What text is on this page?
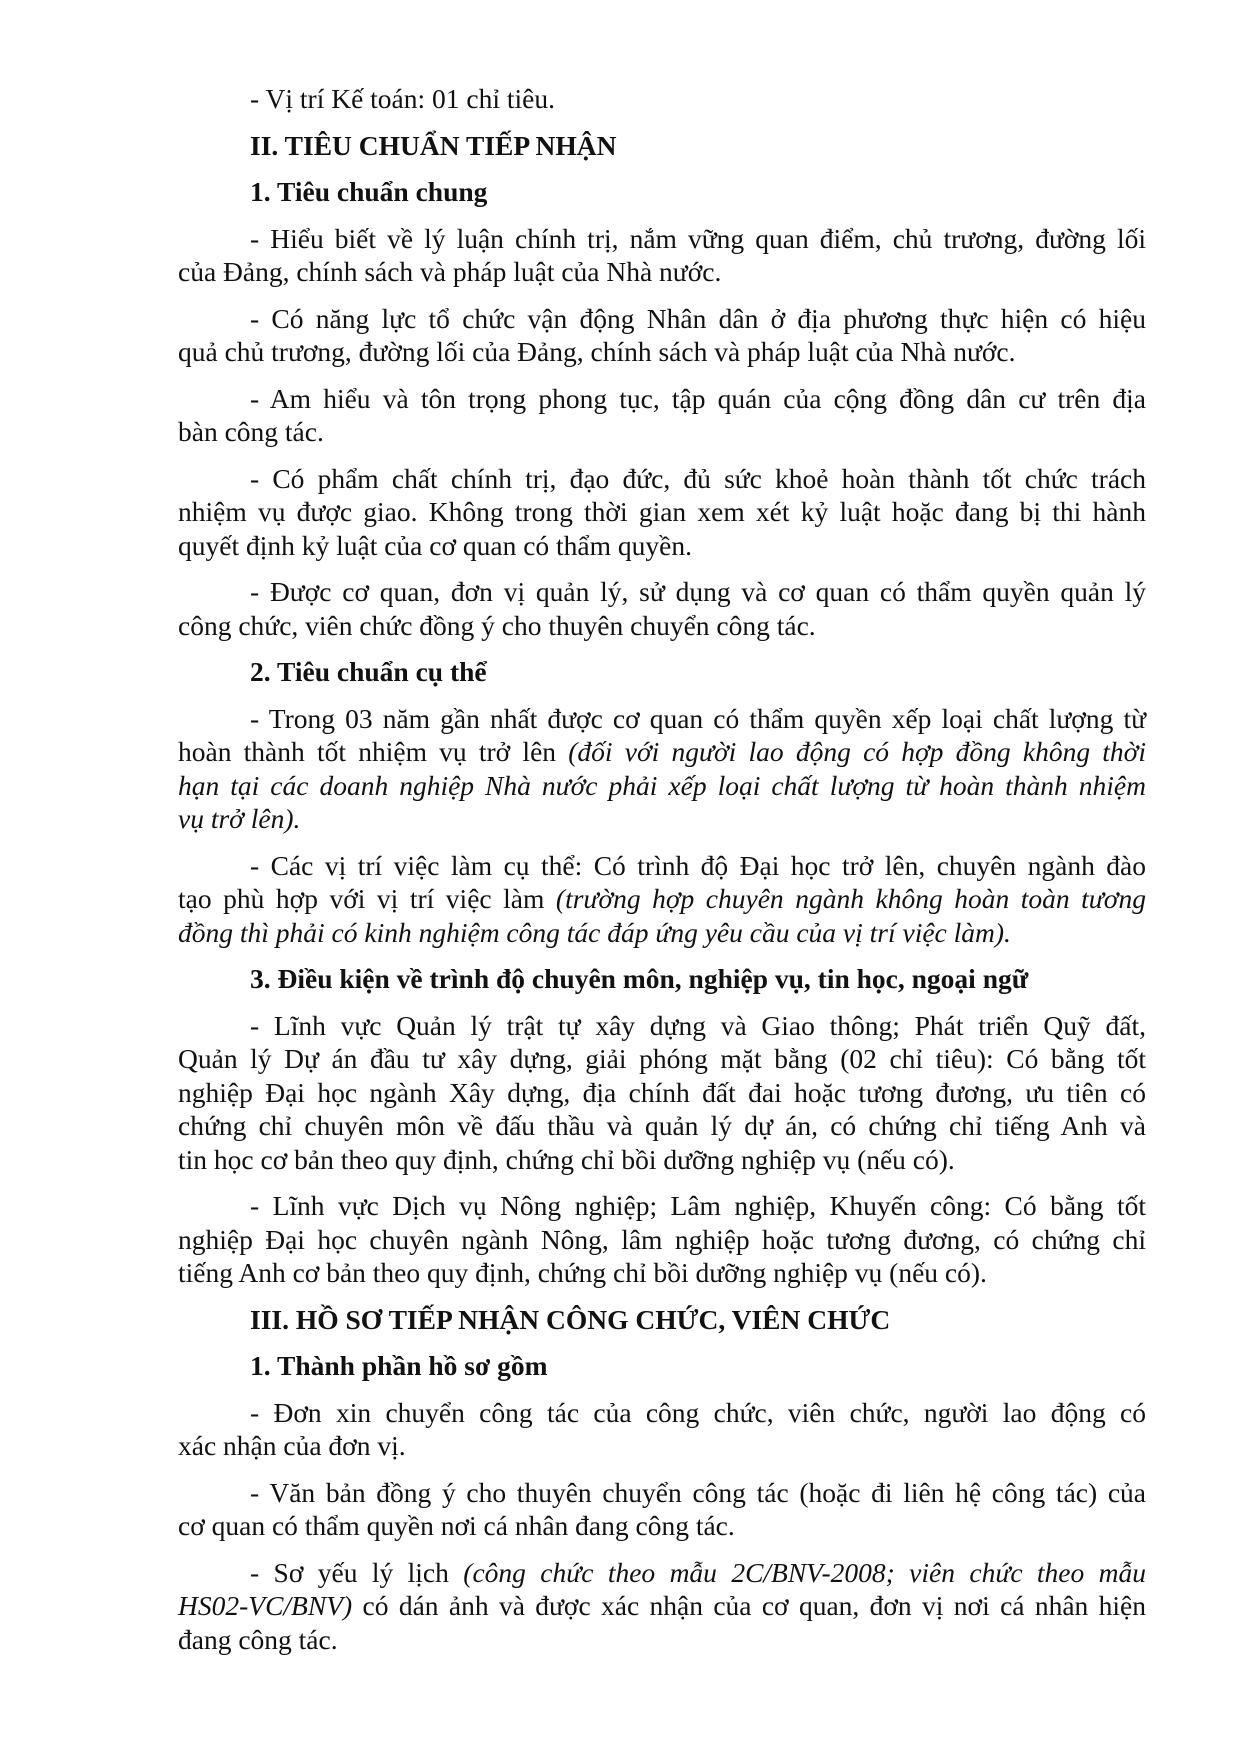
- Vị trí Kế toán: 01 chỉ tiêu.
II. TIÊU CHUẨN TIẾP NHẬN
1. Tiêu chuẩn chung
- Hiểu biết về lý luận chính trị, nắm vững quan điểm, chủ trương, đường lối
của Đảng, chính sách và pháp luật của Nhà nước.
- Có năng lực tổ chức vận động Nhân dân ở địa phương thực hiện có hiệu
quả chủ trương, đường lối của Đảng, chính sách và pháp luật của Nhà nước.
- Am hiểu và tôn trọng phong tục, tập quán của cộng đồng dân cư trên địa
bàn công tác.
- Có phẩm chất chính trị, đạo đức, đủ sức khoẻ hoàn thành tốt chức trách
nhiệm vụ được giao. Không trong thời gian xem xét kỷ luật hoặc đang bị thi hành
quyết định kỷ luật của cơ quan có thẩm quyền.
- Được cơ quan, đơn vị quản lý, sử dụng và cơ quan có thẩm quyền quản lý
công chức, viên chức đồng ý cho thuyên chuyển công tác.
2. Tiêu chuẩn cụ thể
- Trong 03 năm gần nhất được cơ quan có thẩm quyền xếp loại chất lượng từ
hoàn thành tốt nhiệm vụ trở lên (đối với người lao động có hợp đồng không thời
hạn tại các doanh nghiệp Nhà nước phải xếp loại chất lượng từ hoàn thành nhiệm
vụ trở lên).
- Các vị trí việc làm cụ thể: Có trình độ Đại học trở lên, chuyên ngành đào
tạo phù hợp với vị trí việc làm (trường hợp chuyên ngành không hoàn toàn tương
đồng thì phải có kinh nghiệm công tác đáp ứng yêu cầu của vị trí việc làm).
3. Điều kiện về trình độ chuyên môn, nghiệp vụ, tin học, ngoại ngữ
- Lĩnh vực Quản lý trật tự xây dựng và Giao thông; Phát triển Quỹ đất,
Quản lý Dự án đầu tư xây dựng, giải phóng mặt bằng (02 chỉ tiêu): Có bằng tốt
nghiệp Đại học ngành Xây dựng, địa chính đất đai hoặc tương đương, ưu tiên có
chứng chỉ chuyên môn về đấu thầu và quản lý dự án, có chứng chỉ tiếng Anh và
tin học cơ bản theo quy định, chứng chỉ bồi dưỡng nghiệp vụ (nếu có).
- Lĩnh vực Dịch vụ Nông nghiệp; Lâm nghiệp, Khuyến công: Có bằng tốt
nghiệp Đại học chuyên ngành Nông, lâm nghiệp hoặc tương đương, có chứng chỉ
tiếng Anh cơ bản theo quy định, chứng chỉ bồi dưỡng nghiệp vụ (nếu có).
III. HỒ SƠ TIẾP NHẬN CÔNG CHỨC, VIÊN CHỨC
1. Thành phần hồ sơ gồm
- Đơn xin chuyển công tác của công chức, viên chức, người lao động có
xác nhận của đơn vị.
- Văn bản đồng ý cho thuyên chuyển công tác (hoặc đi liên hệ công tác) của
cơ quan có thẩm quyền nơi cá nhân đang công tác.
- Sơ yếu lý lịch (công chức theo mẫu 2C/BNV-2008; viên chức theo mẫu
HS02-VC/BNV) có dán ảnh và được xác nhận của cơ quan, đơn vị nơi cá nhân hiện
đang công tác.
